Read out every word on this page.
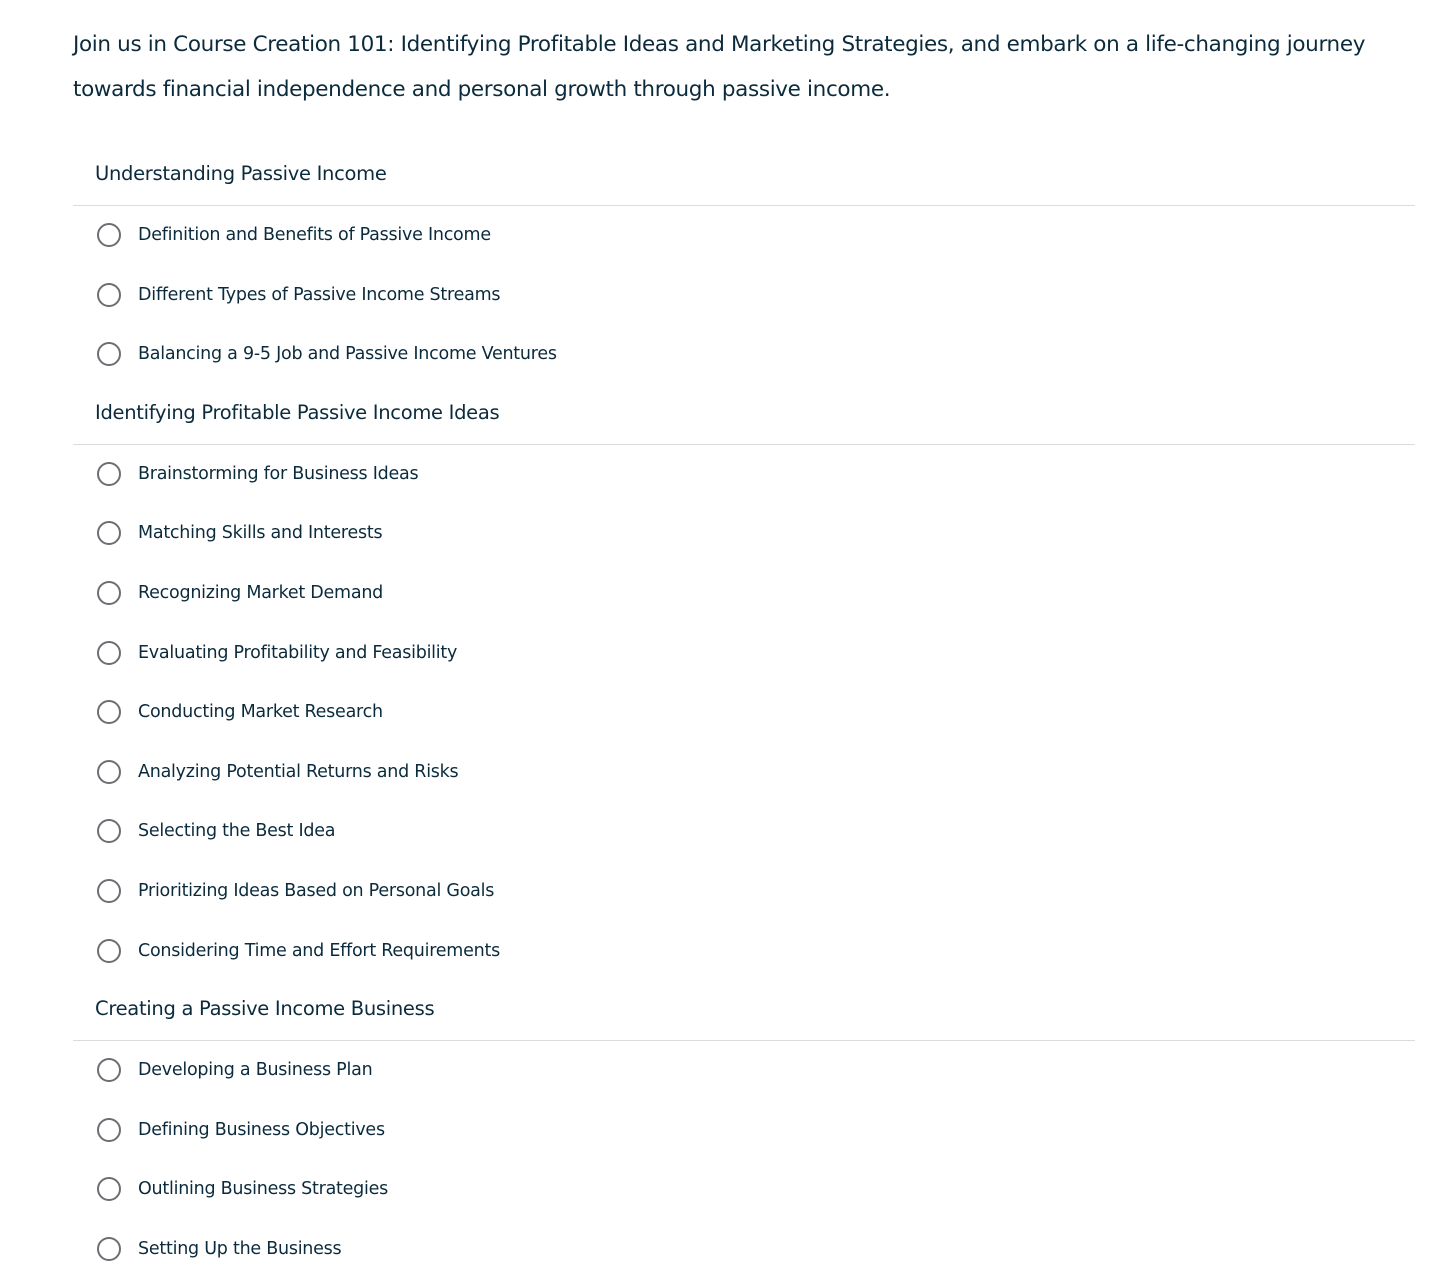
Join us in Course Creation 101: Identifying Profitable Ideas and Marketing Strategies, and embark on a life-changing journey towards financial independence and personal growth through passive income.

Understanding Passive Income
Definition and Benefits of Passive Income
Different Types of Passive Income Streams
Balancing a 9-5 Job and Passive Income Ventures
Identifying Profitable Passive Income Ideas
Brainstorming for Business Ideas
Matching Skills and Interests
Recognizing Market Demand
Evaluating Profitability and Feasibility
Conducting Market Research
Analyzing Potential Returns and Risks
Selecting the Best Idea
Prioritizing Ideas Based on Personal Goals
Considering Time and Effort Requirements
Creating a Passive Income Business
Developing a Business Plan
Defining Business Objectives
Outlining Business Strategies
Setting Up the Business
